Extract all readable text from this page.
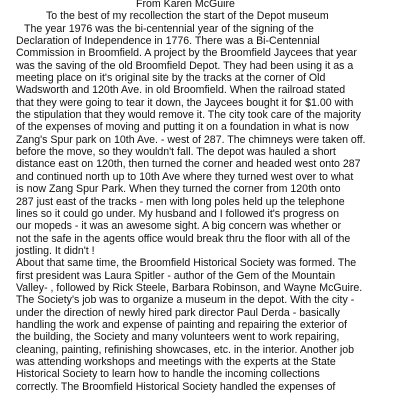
From Karen McGuire
To the best of my recollection the start of the Depot museum
The year 1976 was the bi-centennial year of the signing of the
Declaration of Independence in 1776. There was a Bi-Centennial
Commission in Broomfield. A project by the Broomfield Jaycees that year
was the saving of the old Broomfield Depot. They had been using it as a
meeting place on it's original site by the tracks at the corner of Old
Wadsworth and 120th Ave. in old Broomfield. When the railroad stated
that they were going to tear it down, the Jaycees bought it for $1.00 with
the stipulation that they would remove it. The city took care of the majority
of the expenses of moving and putting it on a foundation in what is now
Zang's Spur park on 10th Ave. - west of 287. The chimneys were taken off.
before the move, so they wouldn't fall. The depot was hauled a short
distance east on 120th, then turned the corner and headed west onto 287
and continued north up to 10th Ave where they turned west over to what
is now Zang Spur Park. When they turned the corner from 120th onto
287 just east of the tracks - men with long poles held up the telephone
lines so it could go under. My husband and I followed it's progress on
our mopeds - it was an awesome sight. A big concern was whether or
not the safe in the agents office would break thru the floor with all of the
jostling. It didn't !
About that same time, the Broomfield Historical Society was formed. The
first president was Laura Spitler - author of the Gem of the Mountain
Valley- , followed by Rick Steele, Barbara Robinson, and Wayne McGuire.
The Society's job was to organize a museum in the depot. With the city -
under the direction of newly hired park director Paul Derda - basically
handling the work and expense of painting and repairing the exterior of
the building, the Society and many volunteers went to work repairing,
cleaning, painting, refinishing showcases, etc. in the interior. Another job
was attending workshops and meetings with the experts at the State
Historical Society to learn how to handle the incoming collections
correctly. The Broomfield Historical Society handled the expenses of
